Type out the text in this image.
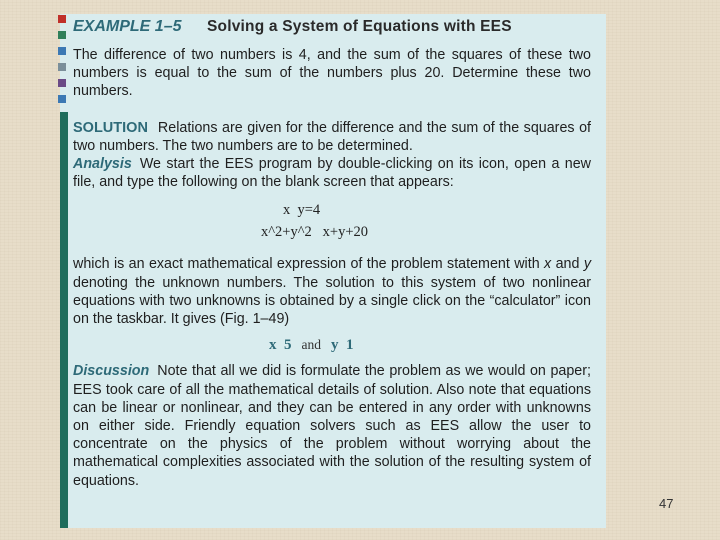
EXAMPLE 1–5	Solving a System of Equations with EES

The difference of two numbers is 4, and the sum of the squares of these two numbers is equal to the sum of the numbers plus 20. Determine these two numbers.

SOLUTION Relations are given for the difference and the sum of the squares of two numbers. The two numbers are to be determined.

Analysis We start the EES program by double-clicking on its icon, open a new file, and type the following on the blank screen that appears:

x  y=4
x^2+y^2   x+y+20

which is an exact mathematical expression of the problem statement with x and y denoting the unknown numbers. The solution to this system of two nonlinear equations with two unknowns is obtained by a single click on the “calculator” icon on the taskbar. It gives (Fig. 1–49)

x  5 and y  1

Discussion Note that all we did is formulate the problem as we would on paper; EES took care of all the mathematical details of solution. Also note that equations can be linear or nonlinear, and they can be entered in any order with unknowns on either side. Friendly equation solvers such as EES allow the user to concentrate on the physics of the problem without worrying about the mathematical complexities associated with the solution of the resulting system of equations.

47
